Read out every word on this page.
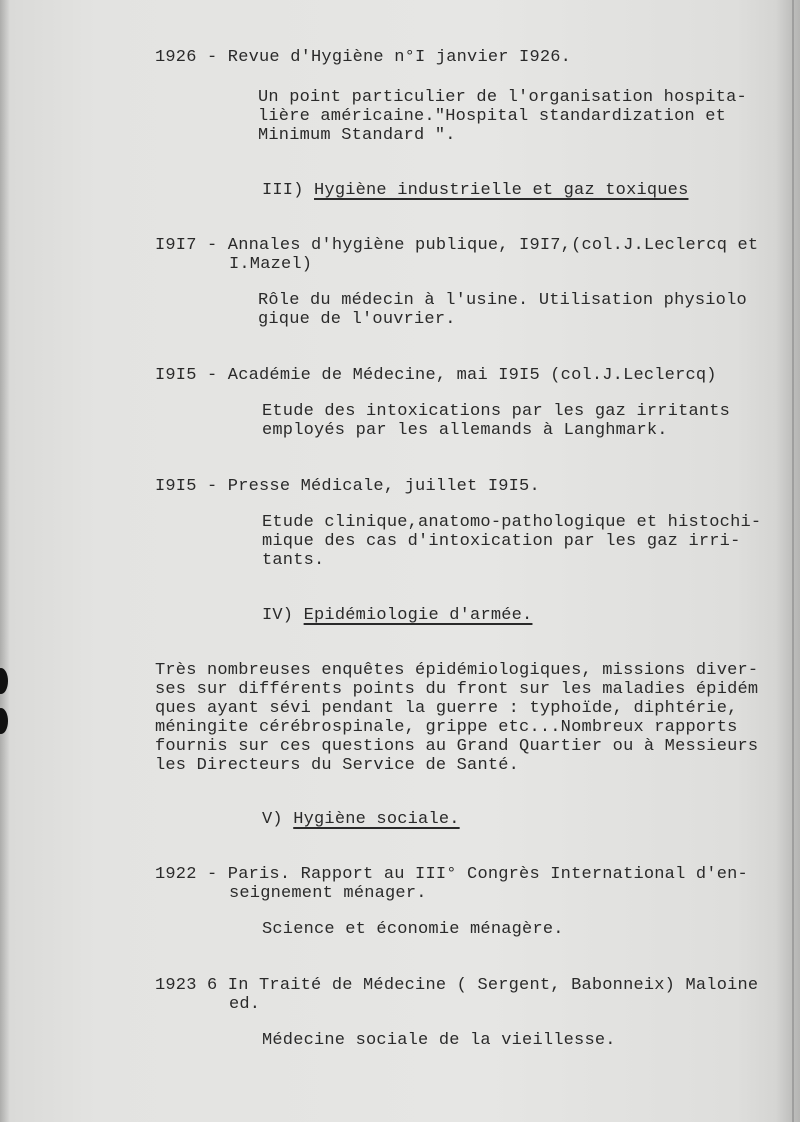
1926 - Revue d'Hygiène n°I janvier I926.
Un point particulier de l'organisation hospita-
lière américaine."Hospital standardization et
Minimum Standard ".
III) Hygiène industrielle et gaz toxiques
I9I7 - Annales d'hygiène publique, I9I7,(col.J.Leclercq et
I.Mazel)
Rôle du médecin à l'usine. Utilisation physiolo
gique de l'ouvrier.
I9I5 - Académie de Médecine, mai I9I5 (col.J.Leclercq)
Etude des intoxications par les gaz irritants
employés par les allemands à Langhmark.
I9I5 - Presse Médicale, juillet I9I5.
Etude clinique,anatomo-pathologique et histochi-
mique des cas d'intoxication par les gaz irri-
tants.
IV) Epidémiologie d'armée.
Très nombreuses enquêtes épidémiologiques, missions diver-
ses sur différents points du front sur les maladies épidém
ques ayant sévi pendant la guerre : typhoïde, diphtérie,
méningite cérébrospinale, grippe etc...Nombreux rapports
fournis sur ces questions au Grand Quartier ou à Messieurs
les Directeurs du Service de Santé.
V) Hygiène sociale.
1922 - Paris. Rapport au III° Congrès International d'en-
seignement ménager.
Science et économie ménagère.
1923 6 In Traité de Médecine ( Sergent, Babonneix) Maloine
ed.
Médecine sociale de la vieillesse.
